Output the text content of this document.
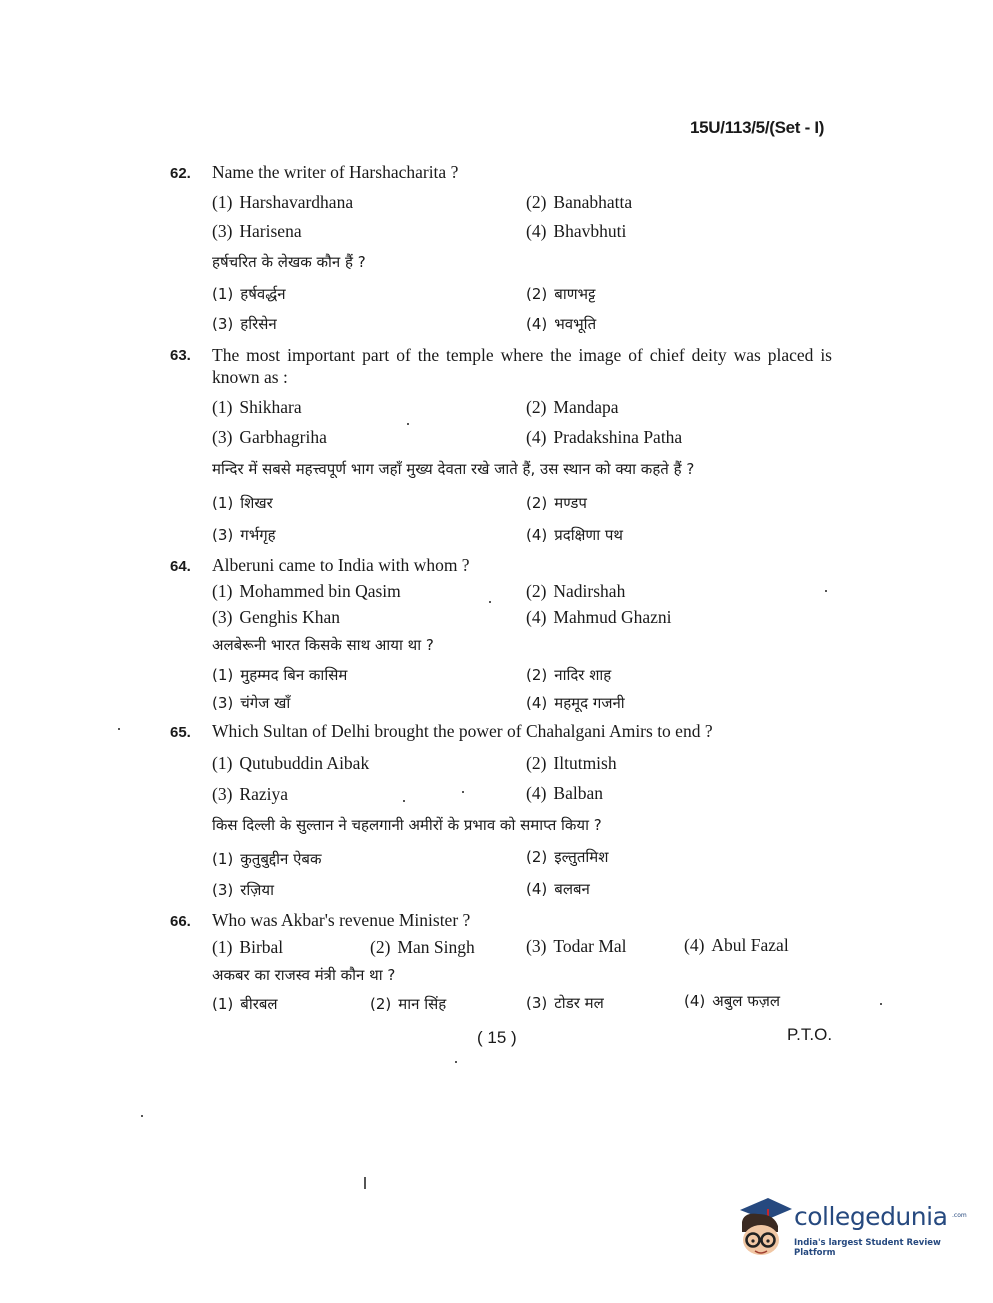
15U/113/5/(Set - I)
62. Name the writer of Harshacharita ?
(1) Harshavardhana	(2) Banabhatta
(3) Harisena	(4) Bhavbhuti
हर्षचरित के लेखक कौन हैं ?
(1) हर्षवर्द्धन	(2) बाणभट्ट
(3) हरिसेन	(4) भवभूति
63. The most important part of the temple where the image of chief deity was placed is known as :
(1) Shikhara	(2) Mandapa
(3) Garbhagriha	(4) Pradakshina Patha
मन्दिर में सबसे महत्त्वपूर्ण भाग जहाँ मुख्य देवता रखे जाते हैं, उस स्थान को क्या कहते हैं ?
(1) शिखर	(2) मण्डप
(3) गर्भगृह	(4) प्रदक्षिणा पथ
64. Alberuni came to India with whom ?
(1) Mohammed bin Qasim	(2) Nadirshah
(3) Genghis Khan	(4) Mahmud Ghazni
अलबेरूनी भारत किसके साथ आया था ?
(1) मुहम्मद बिन कासिम	(2) नादिर शाह
(3) चंगेज खाँ	(4) महमूद गजनी
65. Which Sultan of Delhi brought the power of Chahalgani Amirs to end ?
(1) Qutubuddin Aibak	(2) Iltutmish
(3) Raziya	(4) Balban
किस दिल्ली के सुल्तान ने चहलगानी अमीरों के प्रभाव को समाप्त किया ?
(1) कुतुबुद्दीन ऐबक	(2) इल्तुतमिश
(3) रज़िया	(4) बलबन
66. Who was Akbar's revenue Minister ?
(1) Birbal	(2) Man Singh	(3) Todar Mal	(4) Abul Fazal
अकबर का राजस्व मंत्री कौन था ?
(1) बीरबल	(2) मान सिंह	(3) टोडर मल	(4) अबुल फज़ल
( 15 )	P.T.O.
collegedunia .com
India's largest Student Review Platform
